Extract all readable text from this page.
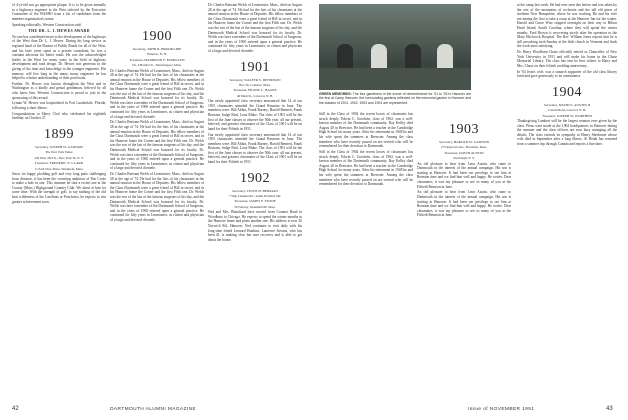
of 4-yr-old son go appropriate plaque. It is to be given annually to a highways engineer in the West selected by the Executive Committee of the WASHO from a list of candidates from the member organization's name.

Speaking editorially, Western Construction said:

THE DR. L. I. HEWES AWARD

No one has contributed more to the development of the highways of the West than Dr. L. I. Hewes. During his long service as regional head of the Bureau of Public Roads for all of the West, and his later years spent as a private consultant, he was a constant advocate for better roads. He was the acknowledged leader in the West for many years in the field of highway development and road design. Dr. Hewes was generous in the giving of his time and knowledge to the younger engineers. His memory will live long in the many, many engineers he has helped to a better understanding of their profession.

Further, Dr. Hewes was known throughout the West and in Washington as a kindly and genial gentleman, beloved by all who knew him. Western Construction is proud to join in the sponsoring of this award.

Lyman W. Hewes was hospitalized in Fort Lauderdale, Florida, following a short illness.

Congratulations to Harry Chol who celebrated his eightieth birthday on October 27.

1899

Secretary, JOSEPH W. GANNON

The New York Times

229 West 43rd St., New York 36, N. Y.

Treasurer, FREDERIC E. CLARK

11 Park View Drive, Westmont, Mass.

Snow for happy plodding golf and very long putts challenging from distance, it has been the crowning ambition of Tim Coote to make a hole in one. This summer he shot a recent one at the County (Mass.) Highground Country Club. We shout at him for some time. With the strength of golf, to say nothing of the old heat wilderness of the Carolinas or Ponchows, he expects to win greater achievement soon.

1900

Secretary, JOHN R. BROOKLINE

Hanover, N. H.

Treasurer, HARRISON F. McMILLEN

No. 6 Bartlett St., Newburyport, Mass.

Dr. Charles Bertram Welch of Leominster, Mass., died on August 28 at the age of 74. He had for the lists of his classmates at the annual reunion in the House of Deputies. His fellow members of the Class Dartmouth were a great friend of Bill in secret, and in his Hanover home the Corner and the first Fifth one. Dr. Welch was the son of the last of the famous surgeons of his day, and the Dartmouth Medical School was honored for its faculty. Dr. Welch was later a member of the Dartmouth School of Surgeons, and in the years of 1900 entered upon a general practice. He continued for fifty years in Leominster, as citizen and physician of a large and devoted clientele.

Dr. Charles Bertram Welch of Leominster, Mass., died on August 28 at the age of 74. He had for the lists of his classmates at the annual reunion in the House of Deputies. His fellow members of the Class Dartmouth were a great friend of Bill in secret, and in his Hanover home the Corner and the first Fifth one. Dr. Welch was the son of the last of the famous surgeons of his day, and the Dartmouth Medical School was honored for its faculty. Dr. Welch was later a member of the Dartmouth School of Surgeons, and in the years of 1900 entered upon a general practice. He continued for fifty years in Leominster, as citizen and physician of a large and devoted clientele.

Dr. Charles Bertram Welch of Leominster, Mass., died on August 28 at the age of 74. He had for the lists of his classmates at the annual reunion in the House of Deputies. His fellow members of the Class Dartmouth were a great friend of Bill in secret, and in his Hanover home the Corner and the first Fifth one. Dr. Welch was the son of the last of the famous surgeons of his day, and the Dartmouth Medical School was honored for its faculty. Dr. Welch was later a member of the Dartmouth School of Surgeons, and in the years of 1900 entered upon a general practice. He continued for fifty years in Leominster, as citizen and physician of a large and devoted clientele.

Dr. Charles Bertram Welch of Leominster, Mass., died on August 28 at the age of 74. He had for the lists of his classmates at the annual reunion in the House of Deputies. His fellow members of the Class Dartmouth were a great friend of Bill in secret, and in his Hanover home the Corner and the first Fifth one. Dr. Welch was the son of the last of the famous surgeons of his day, and the Dartmouth Medical School was honored for its faculty. Dr. Welch was later a member of the Dartmouth School of Surgeons, and in the years of 1900 entered upon a general practice. He continued for fifty years in Leominster, as citizen and physician of a large and devoted clientele.

1901

Secretary, WALTER S. DENNISON

Box 36, Cohasset, Mass.

Treasurer, FRANK L. HAGEE

46 Main St., Concord, N. H.

Our newly appointed class secretary announced that 14 of our 1901 classmates attended the Grand Reunion in June. The members were: Bill Abbot, Frank Barney, Harold Bennett, Frank Bertram, Judge Bird, Leon Blake. The class of 1901 will be the first of the June classes to observe the 50th year, all our present, beloved, and greatest classmates of the Class of 1901 will be on hand for their Fiftieth in 1951.

Our newly appointed class secretary announced that 14 of our 1901 classmates attended the Grand Reunion in June. The members were: Bill Abbot, Frank Barney, Harold Bennett, Frank Bertram, Judge Bird, Leon Blake. The class of 1901 will be the first of the June classes to observe the 50th year, all our present, beloved, and greatest classmates of the Class of 1901 will be on hand for their Fiftieth in 1951.

1902

Secretary, LEWIS H. BERRIAN

7 Ship Channel Rd., South Portland, Me.

Treasurer, JAMES F. STONE

56 Fenway, Stoneham 80, Mass.

Ned and Mrs. Blanchard have moved from Coomer Road in Woodbury to Chicago. He expects to spend the winter months in the Hanover home and plans another one. His address is now 20 Norwich Rd., Hanover. Ned continues to visit daily with his long-time friend Leonard Hunkins. Laurence Stearns, who has been ill, is making slow but sure recovery and is able to get about the house.

42	DARTMOUTH ALUMNI MAGAZINE
GREEN MEMORIES: The four gardeners in the scene of remembrance for '01 to '03 in Hanover are the first at Camp Hanover, the surrounding gardens reflected on the memorial garden in Hanover and the classes of 1901, 1902, 1903 and 1904 are represented.

Still in the Class of 1902 the recent losses of classmates has struck deeply. Edwin C. Goodwin, class of 1902, was a well-known member of the Dartmouth community. Ray Kelley died August 20 in Brewster. He had been a teacher in the Cambridge High School for many years. After his retirement in 1948 he and his wife spent the summers at Brewster. Among the class members who have recently passed on are several who will be remembered for their devotion to Dartmouth.

Still in the Class of 1902 the recent losses of classmates has struck deeply. Edwin C. Goodwin, class of 1902, was a well-known member of the Dartmouth community. Ray Kelley died August 20 in Brewster. He had been a teacher in the Cambridge High School for many years. After his retirement in 1948 he and his wife spent the summers at Brewster. Among the class members who have recently passed on are several who will be remembered for their devotion to Dartmouth.

1903

Secretary, HAROLD W. GANNON

275 Ryetown Ave., Brooklyn, Mass.

Treasurer, DAVID AUSTIN

Newburgh, N. Y.

An old pleasure to hear from Leon Austin, who came to Dartmouth in the interest of the annual campaign. His son is starting at Hanover. It had been our privilege to see him at Reunion time and we find him well and happy. He writes: Dear classmates, it was my pleasure to see so many of you at the Fiftieth Reunion in June.

An old pleasure to hear from Leon Austin, who came to Dartmouth in the interest of the annual campaign. His son is starting at Hanover. It had been our privilege to see him at Reunion time and we find him well and happy. He writes: Dear classmates, it was my pleasure to see so many of you at the Fiftieth Reunion in June.

at the camp last week. He had ever seen this before and was taken by the rest of the mountains of reclusion and the tall old pines of northern New Hampshire, where he was working. He and his wife are among the first to take a room at the Hanover Inn for the winter. Harold and Grace Wise stopped overnight on their way to Hilton Head Island, South Carolina, where they will spend the winter months. Fred Brown is recovering nicely after his operation in the Mary Hitchcock Hospital. The Rev. William Jones reports that he is still preaching each Sunday at the little church in Vermont and finds the work most satisfying.

Dr. Harry Woodburn Chase officially retired as Chancellor of New York University in 1951 and will make his home in the Chase Memorial Library. The class has sent its best wishes to Harry and Mrs. Chase on their fiftieth wedding anniversary.

In '04 Jean's wife, was a staunch supporter of the old class library fund and gave generously to its continuance.

1904

Secretary, DAVID S. AUSTIN II

Coburn Road, Concord, N. H.

Treasurer, JOSEPH W. WORTHEN

Thanksgiving Lambert will be the largest reunion ever given by the class. Plans were made at the 1904 headquarters in Hanover during the summer and the class officers are now busy arranging all the details. The class extends its sympathy to Henry Sherburne whose wife died in September after a long illness. Al Heath has returned from a summer trip through Canada and reports a fine time.

Issue of NOVEMBER 1951	43
